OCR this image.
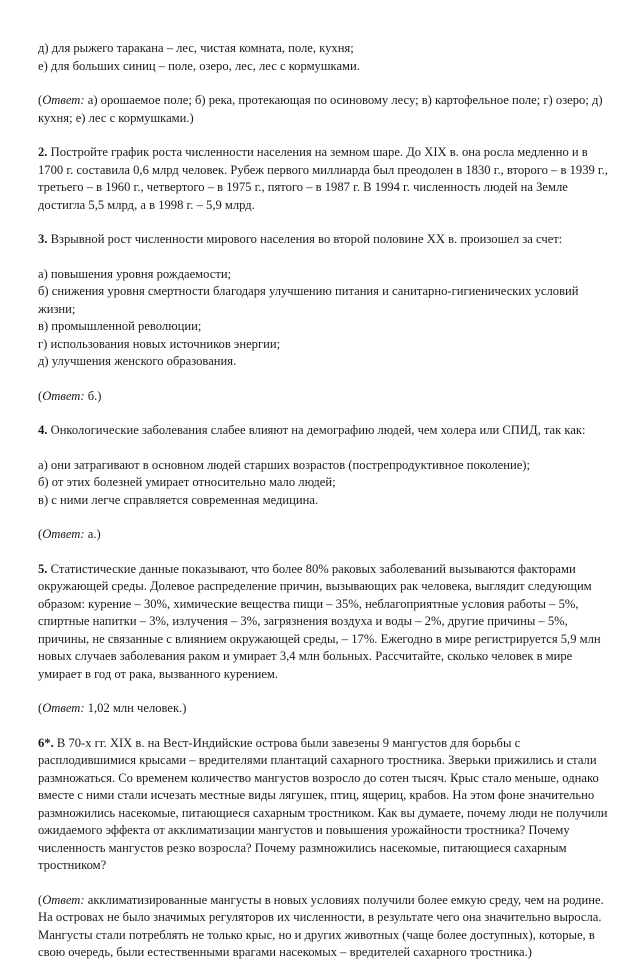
д) для рыжего таракана – лес, чистая комната, поле, кухня;

е) для больших синиц – поле, озеро, лес, лес с кормушками.

(Ответ: а) орошаемое поле; б) река, протекающая по осиновому лесу; в) картофельное поле; г) озеро; д) кухня; е) лес с кормушками.)

2. Постройте график роста численности населения на земном шаре. До XIX в. она росла медленно и в 1700 г. составила 0,6 млрд человек. Рубеж первого миллиарда был преодолен в 1830 г., второго – в 1939 г., третьего – в 1960 г., четвертого – в 1975 г., пятого – в 1987 г. В 1994 г. численность людей на Земле достигла 5,5 млрд, а в 1998 г. – 5,9 млрд.

3. Взрывной рост численности мирового населения во второй половине XX в. произошел за счет:

а) повышения уровня рождаемости;

б) снижения уровня смертности благодаря улучшению питания и санитарно-гигиенических условий жизни;

в) промышленной революции;

г) использования новых источников энергии;

д) улучшения женского образования.

(Ответ: б.)

4. Онкологические заболевания слабее влияют на демографию людей, чем холера или СПИД, так как:

а) они затрагивают в основном людей старших возрастов (пострепродуктивное поколение);

б) от этих болезней умирает относительно мало людей;

в) с ними легче справляется современная медицина.

(Ответ: а.)

5. Статистические данные показывают, что более 80% раковых заболеваний вызываются факторами окружающей среды. Долевое распределение причин, вызывающих рак человека, выглядит следующим образом: курение – 30%, химические вещества пищи – 35%, неблагоприятные условия работы – 5%, спиртные напитки – 3%, излучения – 3%, загрязнения воздуха и воды – 2%, другие причины – 5%, причины, не связанные с влиянием окружающей среды, – 17%. Ежегодно в мире регистрируется 5,9 млн новых случаев заболевания раком и умирает 3,4 млн больных. Рассчитайте, сколько человек в мире умирает в год от рака, вызванного курением.

(Ответ: 1,02 млн человек.)

6*. В 70-х гг. XIX в. на Вест-Индийские острова были завезены 9 мангустов для борьбы с расплодившимися крысами – вредителями плантаций сахарного тростника. Зверьки прижились и стали размножаться. Со временем количество мангустов возросло до сотен тысяч. Крыс стало меньше, однако вместе с ними стали исчезать местные виды лягушек, птиц, ящериц, крабов. На этом фоне значительно размножились насекомые, питающиеся сахарным тростником. Как вы думаете, почему люди не получили ожидаемого эффекта от акклиматизации мангустов и повышения урожайности тростника? Почему численность мангустов резко возросла? Почему размножились насекомые, питающиеся сахарным тростником?

(Ответ: акклиматизированные мангусты в новых условиях получили более емкую среду, чем на родине. На островах не было значимых регуляторов их численности, в результате чего она значительно выросла. Мангусты стали потреблять не только крыс, но и других животных (чаще более доступных), которые, в свою очередь, были естественными врагами насекомых – вредителей сахарного тростника.)
